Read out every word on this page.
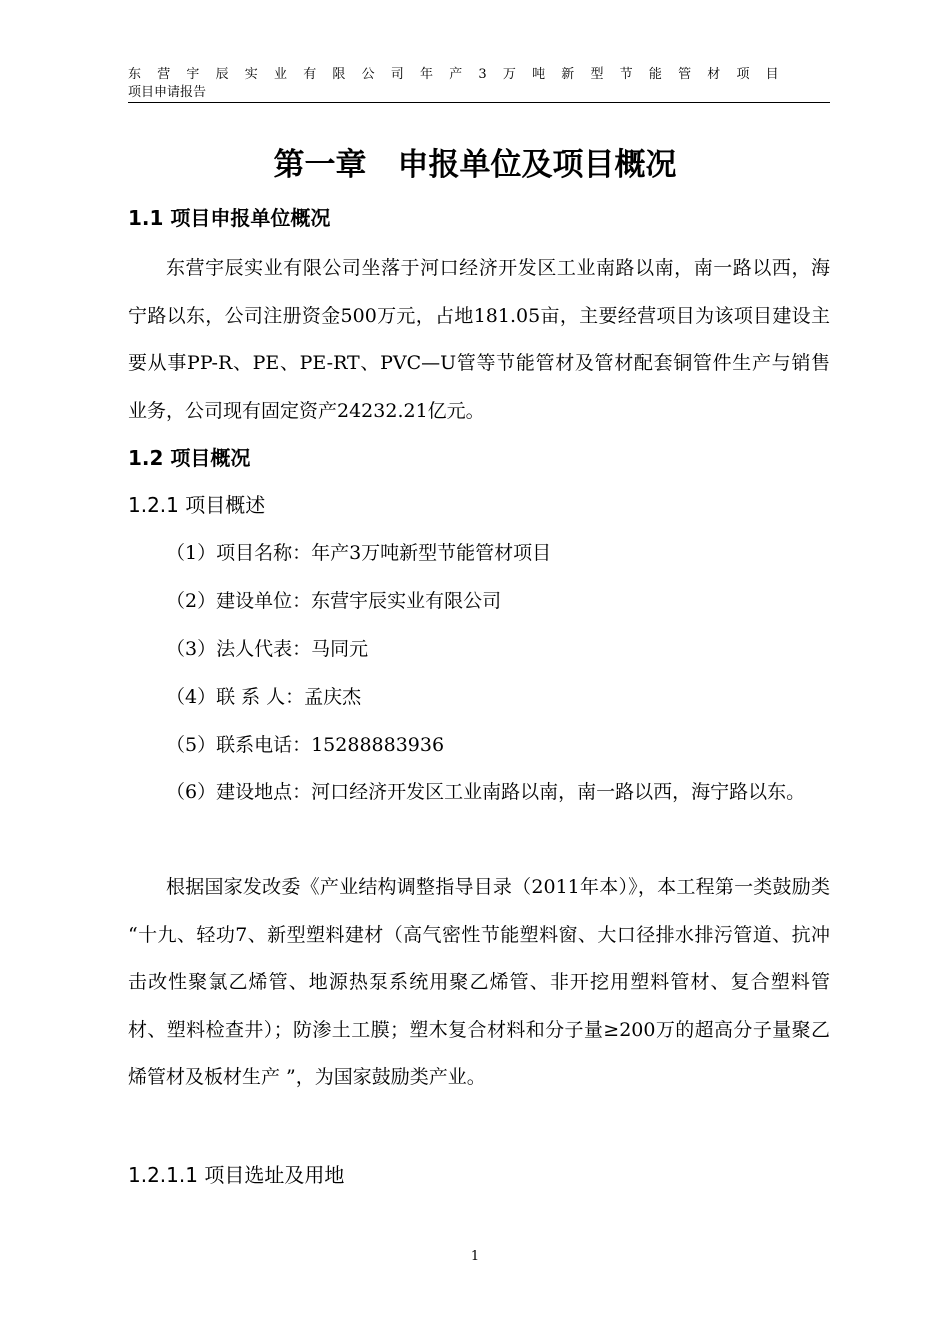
东营宇辰实业有限公司年产3万吨新型节能管材项目
项目申请报告
第一章　申报单位及项目概况
1.1 项目申报单位概况

东营宇辰实业有限公司坐落于河口经济开发区工业南路以南，南一路以西，海宁路以东，公司注册资金500万元，占地181.05亩，主要经营项目为该项目建设主要从事PP-R、PE、PE-RT、PVC—U管等节能管材及管材配套铜管件生产与销售业务，公司现有固定资产24232.21亿元。

1.2 项目概况
1.2.1 项目概述

（1）项目名称：年产3万吨新型节能管材项目

（2）建设单位：东营宇辰实业有限公司

（3）法人代表：马同元

（4）联 系 人：孟庆杰

（5）联系电话：15288883936

（6）建设地点：河口经济开发区工业南路以南，南一路以西，海宁路以东。

根据国家发改委《产业结构调整指导目录（2011年本）》，本工程第一类鼓励类 “十九、轻功7、新型塑料建材（高气密性节能塑料窗、大口径排水排污管道、抗冲击改性聚氯乙烯管、地源热泵系统用聚乙烯管、非开挖用塑料管材、复合塑料管材、塑料检查井）；防渗土工膜；塑木复合材料和分子量≥200万的超高分子量聚乙烯管材及板材生产 ”，为国家鼓励类产业。

1.2.1.1 项目选址及用地
1
